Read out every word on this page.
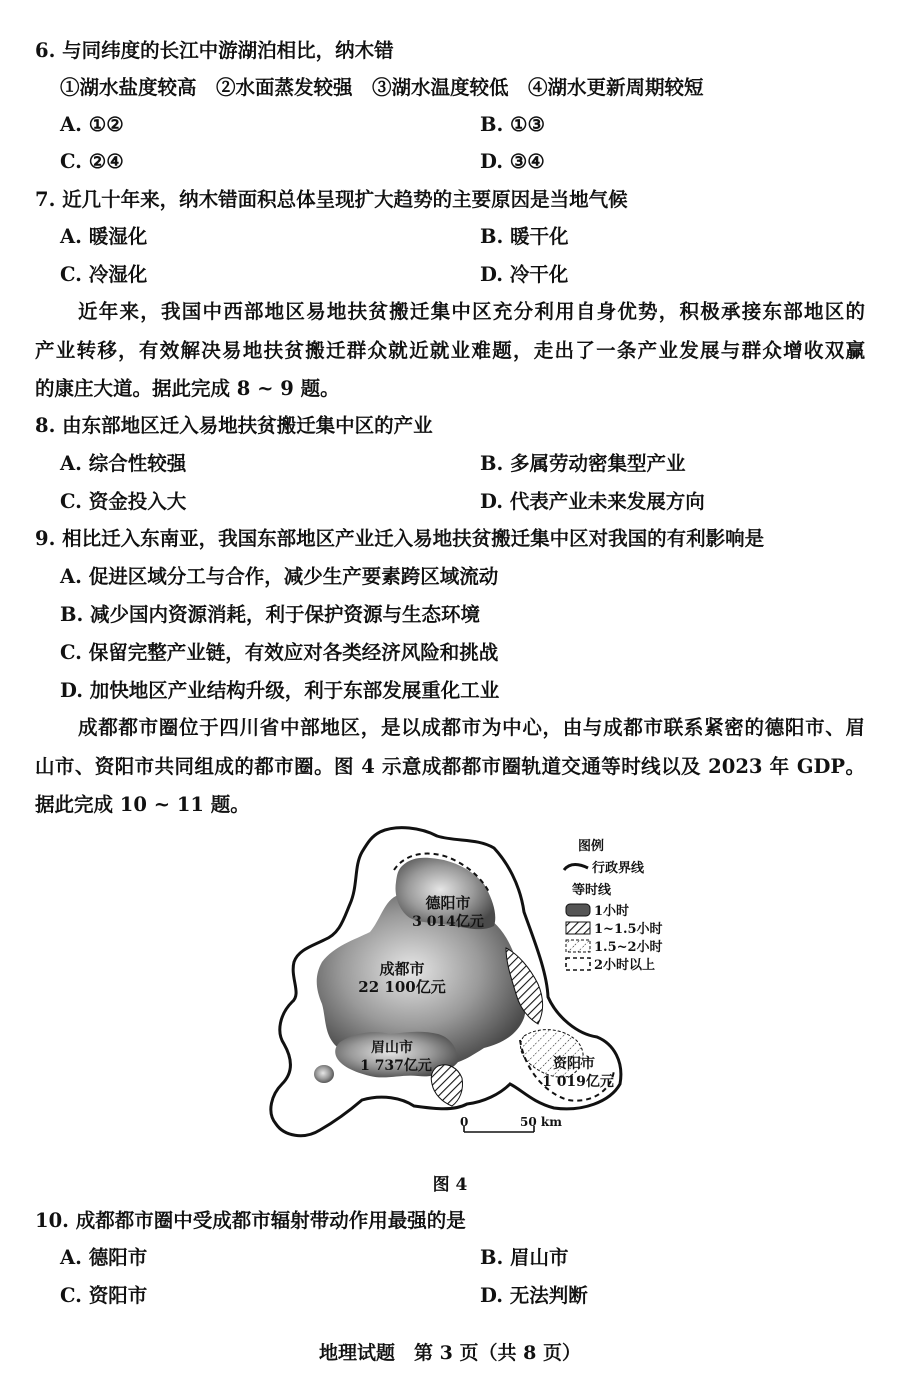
6. 与同纬度的长江中游湖泊相比，纳木错
①湖水盐度较高　②水面蒸发较强　③湖水温度较低　④湖水更新周期较短
A. ①②	B. ①③
C. ②④	D. ③④
7. 近几十年来，纳木错面积总体呈现扩大趋势的主要原因是当地气候
A. 暖湿化	B. 暖干化
C. 冷湿化	D. 冷干化
近年来，我国中西部地区易地扶贫搬迁集中区充分利用自身优势，积极承接东部地区的
产业转移，有效解决易地扶贫搬迁群众就近就业难题，走出了一条产业发展与群众增收双赢
的康庄大道。据此完成 8 ~ 9 题。
8. 由东部地区迁入易地扶贫搬迁集中区的产业
A. 综合性较强	B. 多属劳动密集型产业
C. 资金投入大	D. 代表产业未来发展方向
9. 相比迁入东南亚，我国东部地区产业迁入易地扶贫搬迁集中区对我国的有利影响是
A. 促进区域分工与合作，减少生产要素跨区域流动
B. 减少国内资源消耗，利于保护资源与生态环境
C. 保留完整产业链，有效应对各类经济风险和挑战
D. 加快地区产业结构升级，利于东部发展重化工业
成都都市圈位于四川省中部地区，是以成都市为中心，由与成都市联系紧密的德阳市、眉
山市、资阳市共同组成的都市圈。图 4 示意成都都市圈轨道交通等时线以及 2023 年 GDP。
据此完成 10 ~ 11 题。
德阳市
3 014亿元
成都市
22 100亿元
眉山市
1 737亿元	资阳市
1 019亿元
图例
行政界线
等时线
1小时
1~1.5小时
1.5~2小时
2小时以上
0	50 km
图 4
10. 成都都市圈中受成都市辐射带动作用最强的是
A. 德阳市	B. 眉山市
C. 资阳市	D. 无法判断
地理试题　第 3 页（共 8 页）
